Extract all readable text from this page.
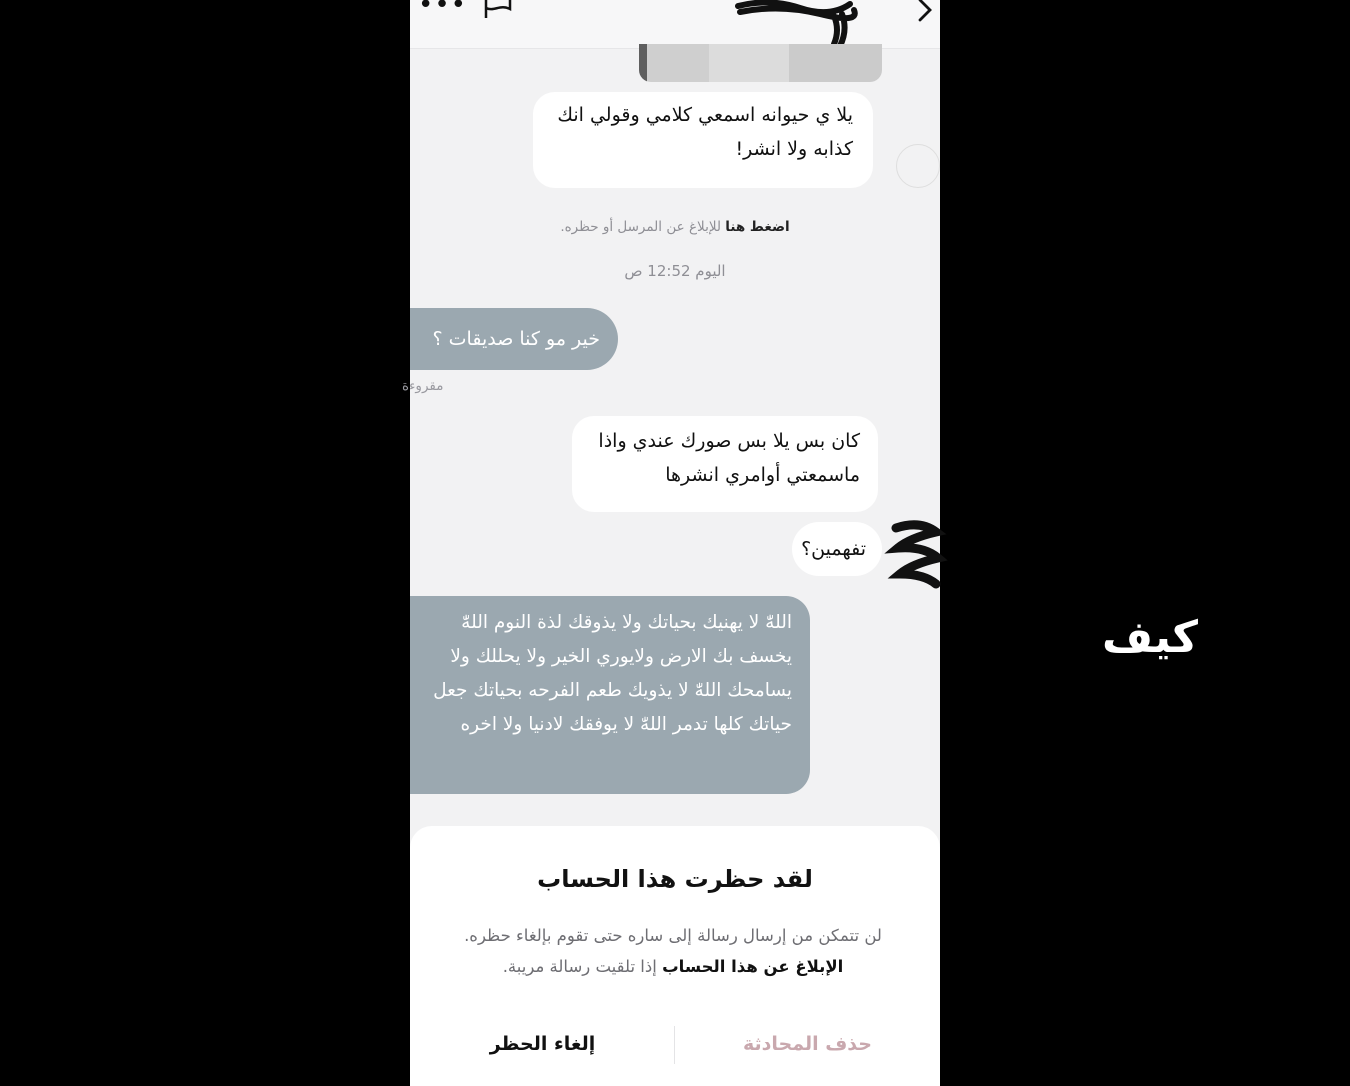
•••
يلا ي حيوانه اسمعي كلامي وقولي انك كذابه ولا انشر!
اضغط هنا للإبلاغ عن المرسل أو حظره.
اليوم 12:52 ص
خير مو كنا صديقات ؟
مقروءة
كان بس يلا بس صورك عندي واذا ماسمعتي أوامري انشرها
تفهمين؟
اللهّٰ لا يهنيك بحياتك ولا يذوقك لذة النوم اللهّٰ يخسف بك الارض ولايوري الخير ولا يحللك ولا يسامحك اللهّٰ لا يذويك طعم الفرحه بحياتك جعل حياتك كلها تدمر اللهّٰ لا يوفقك لادنيا ولا اخره
لقد حظرت هذا الحساب
لن تتمكن من إرسال رسالة إلى ساره حتى تقوم بإلغاء حظره. الإبلاغ عن هذا الحساب إذا تلقيت رسالة مريبة.
حذف المحادثة
إلغاء الحظر
كيف
